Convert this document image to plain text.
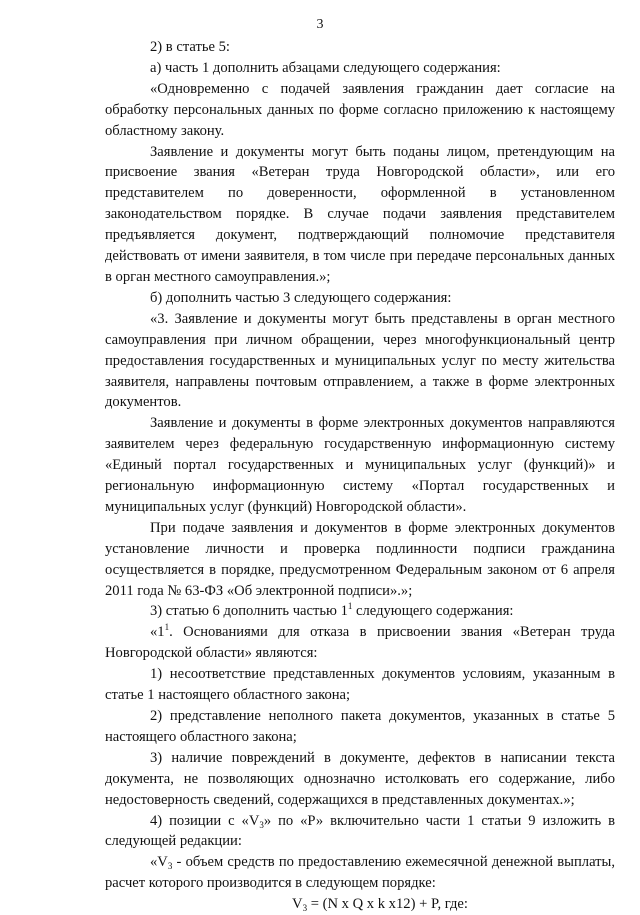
3

2) в статье 5:

а) часть 1 дополнить абзацами следующего содержания:

«Одновременно с подачей заявления гражданин дает согласие на обработку персональных данных по форме согласно приложению к настоящему областному закону.

Заявление и документы могут быть поданы лицом, претендующим на присвоение звания «Ветеран труда Новгородской области», или его представителем по доверенности, оформленной в установленном законодательством порядке. В случае подачи заявления представителем предъявляется документ, подтверждающий полномочие представителя действовать от имени заявителя, в том числе при передаче персональных данных в орган местного самоуправления.»;

б) дополнить частью 3 следующего содержания:

«3. Заявление и документы могут быть представлены в орган местного самоуправления при личном обращении, через многофункциональный центр предоставления государственных и муниципальных услуг по месту жительства заявителя, направлены почтовым отправлением, а также в форме электронных документов.

Заявление и документы в форме электронных документов направляются заявителем через федеральную государственную информационную систему «Единый портал государственных и муниципальных услуг (функций)» и региональную информационную систему «Портал государственных и муниципальных услуг (функций) Новгородской области».

При подаче заявления и документов в форме электронных документов установление личности и проверка подлинности подписи гражданина осуществляется в порядке, предусмотренном Федеральным законом от 6 апреля 2011 года № 63-ФЗ «Об электронной подписи».»;

3) статью 6 дополнить частью $1^1$ следующего содержания:

«$1^1$. Основаниями для отказа в присвоении звания «Ветеран труда Новгородской области» являются:

1) несоответствие представленных документов условиям, указанным в статье 1 настоящего областного закона;

2) представление неполного пакета документов, указанных в статье 5 настоящего областного закона;

3) наличие повреждений в документе, дефектов в написании текста документа, не позволяющих однозначно истолковать его содержание, либо недостоверность сведений, содержащихся в представленных документах.»;

4) позиции с «$V_3$» по «Р» включительно части 1 статьи 9 изложить в следующей редакции:

«$V_3$ - объем средств по предоставлению ежемесячной денежной выплаты, расчет которого производится в следующем порядке:

$V_3 = (N$ x Q x k x12) + P, где:
